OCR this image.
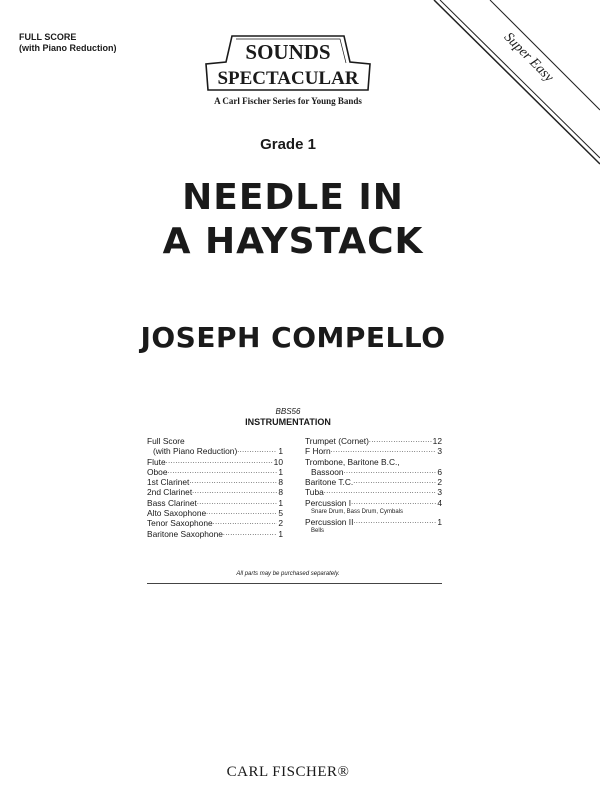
FULL SCORE
(with Piano Reduction)	Super Easy
SOUNDS
SPECTACULAR
A Carl Fischer Series for Young Bands
Grade 1
NEEDLE IN
A HAYSTACK
JOSEPH COMPELLO
BBS56
INSTRUMENTATION
Full Score
(with Piano Reduction) .....	1
Flute .....	10
Oboe .....	1
1st Clarinet .....	8
2nd Clarinet .....	8
Bass Clarinet .....	1
Alto Saxophone .....	5
Tenor Saxophone .....	2
Baritone Saxophone .....	1
Trumpet (Cornet) .....	12
F Horn .....	3
Trombone, Baritone B.C.,
Bassoon .....	6
Baritone T.C. .....	2
Tuba .....	3
Percussion I .....	4
Snare Drum, Bass Drum, Cymbals
Percussion II .....	1
Bells
All parts may be purchased separately.
CARL FISCHER®
